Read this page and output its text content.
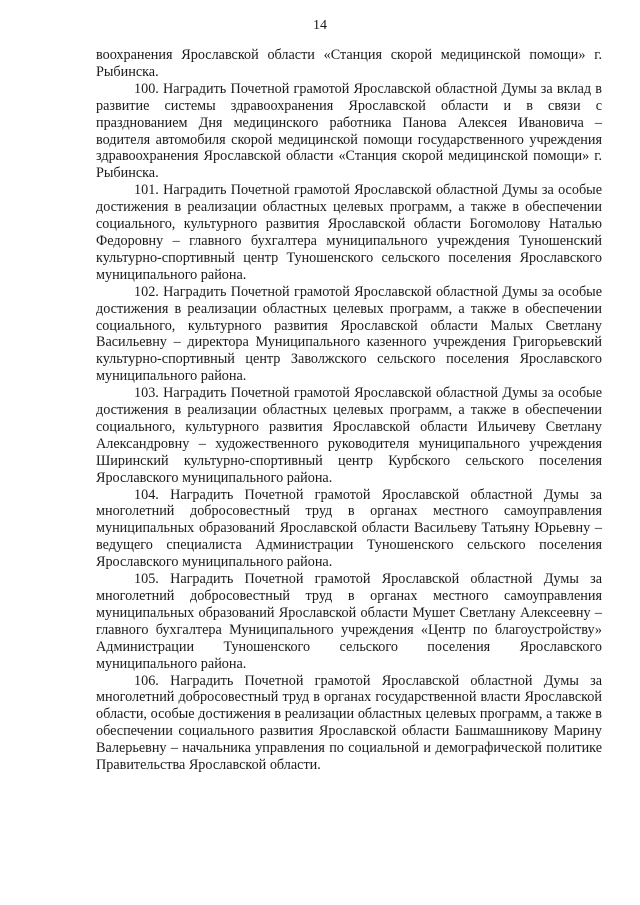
14

воохранения Ярославской области «Станция скорой медицинской помощи» г. Рыбинска.

100. Наградить Почетной грамотой Ярославской областной Думы за вклад в развитие системы здравоохранения Ярославской области и в связи с празднованием Дня медицинского работника Панова Алексея Ивановича – водителя автомобиля скорой медицинской помощи государственного учреждения здравоохранения Ярославской области «Станция скорой медицинской помощи» г. Рыбинска.

101. Наградить Почетной грамотой Ярославской областной Думы за особые достижения в реализации областных целевых программ, а также в обеспечении социального, культурного развития Ярославской области Богомолову Наталью Федоровну – главного бухгалтера муниципального учреждения Туношенский культурно-спортивный центр Туношенского сельского поселения Ярославского муниципального района.

102. Наградить Почетной грамотой Ярославской областной Думы за особые достижения в реализации областных целевых программ, а также в обеспечении социального, культурного развития Ярославской области Малых Светлану Васильевну – директора Муниципального казенного учреждения Григорьевский культурно-спортивный центр Заволжского сельского поселения Ярославского муниципального района.

103. Наградить Почетной грамотой Ярославской областной Думы за особые достижения в реализации областных целевых программ, а также в обеспечении социального, культурного развития Ярославской области Ильичеву Светлану Александровну – художественного руководителя муниципального учреждения Ширинский культурно-спортивный центр Курбского сельского поселения Ярославского муниципального района.

104. Наградить Почетной грамотой Ярославской областной Думы за многолетний добросовестный труд в органах местного самоуправления муниципальных образований Ярославской области Васильеву Татьяну Юрьевну – ведущего специалиста Администрации Туношенского сельского поселения Ярославского муниципального района.

105. Наградить Почетной грамотой Ярославской областной Думы за многолетний добросовестный труд в органах местного самоуправления муниципальных образований Ярославской области Мушет Светлану Алексеевну – главного бухгалтера Муниципального учреждения «Центр по благоустройству» Администрации Туношенского сельского поселения Ярославского муниципального района.

106. Наградить Почетной грамотой Ярославской областной Думы за многолетний добросовестный труд в органах государственной власти Ярославской области, особые достижения в реализации областных целевых программ, а также в обеспечении социального развития Ярославской области Башмашникову Марину Валерьевну – начальника управления по социальной и демографической политике Правительства Ярославской области.
